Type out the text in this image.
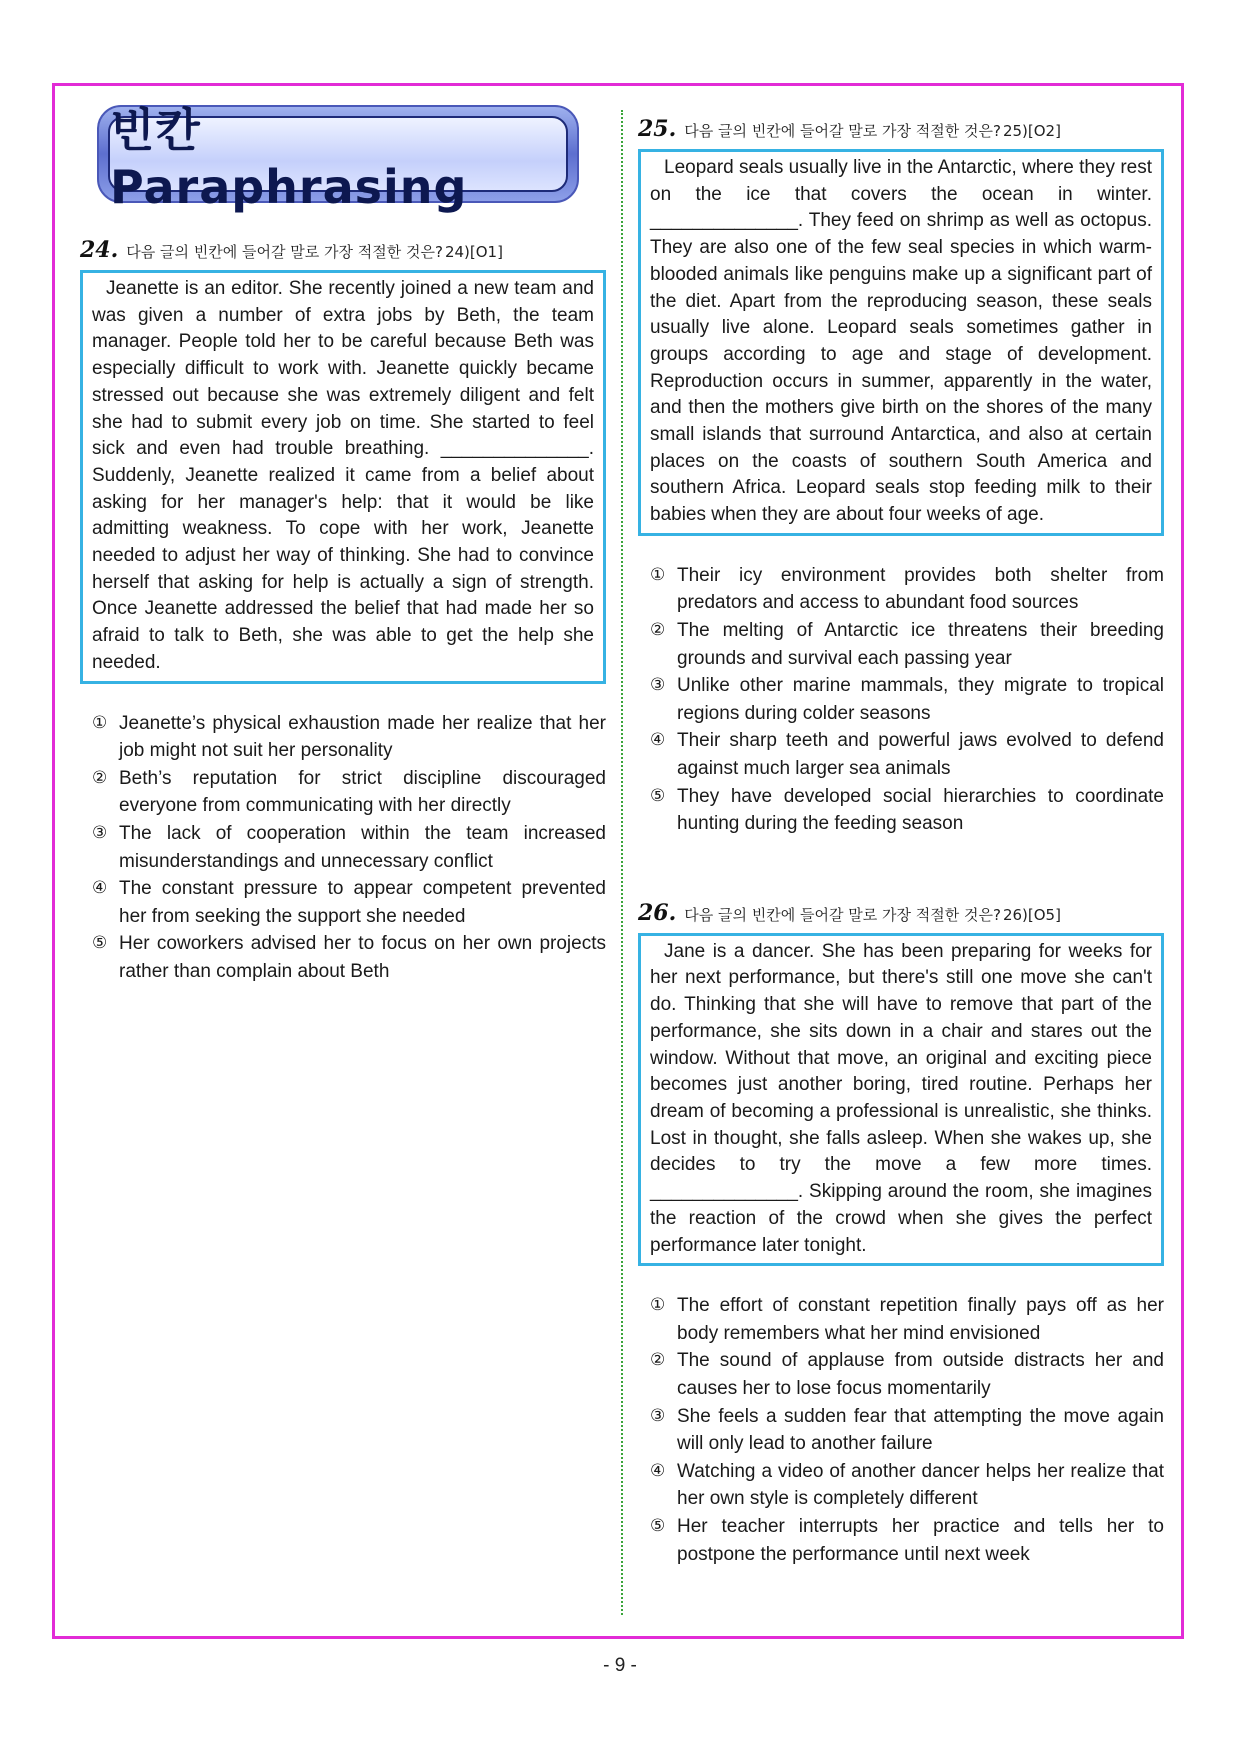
빈칸 Paraphrasing
24. 다음 글의 빈칸에 들어갈 말로 가장 적절한 것은? 24)[O1]
Jeanette is an editor. She recently joined a new team and was given a number of extra jobs by Beth, the team manager. People told her to be careful because Beth was especially difficult to work with. Jeanette quickly became stressed out because she was extremely diligent and felt she had to submit every job on time. She started to feel sick and even had trouble breathing. ______________. Suddenly, Jeanette realized it came from a belief about asking for her manager's help: that it would be like admitting weakness. To cope with her work, Jeanette needed to adjust her way of thinking. She had to convince herself that asking for help is actually a sign of strength. Once Jeanette addressed the belief that had made her so afraid to talk to Beth, she was able to get the help she needed.
① Jeanette’s physical exhaustion made her realize that her job might not suit her personality
② Beth’s reputation for strict discipline discouraged everyone from communicating with her directly
③ The lack of cooperation within the team increased misunderstandings and unnecessary conflict
④ The constant pressure to appear competent prevented her from seeking the support she needed
⑤ Her coworkers advised her to focus on her own projects rather than complain about Beth
25. 다음 글의 빈칸에 들어갈 말로 가장 적절한 것은? 25)[O2]
Leopard seals usually live in the Antarctic, where they rest on the ice that covers the ocean in winter. ______________. They feed on shrimp as well as octopus. They are also one of the few seal species in which warm-blooded animals like penguins make up a significant part of the diet. Apart from the reproducing season, these seals usually live alone. Leopard seals sometimes gather in groups according to age and stage of development. Reproduction occurs in summer, apparently in the water, and then the mothers give birth on the shores of the many small islands that surround Antarctica, and also at certain places on the coasts of southern South America and southern Africa. Leopard seals stop feeding milk to their babies when they are about four weeks of age.
① Their icy environment provides both shelter from predators and access to abundant food sources
② The melting of Antarctic ice threatens their breeding grounds and survival each passing year
③ Unlike other marine mammals, they migrate to tropical regions during colder seasons
④ Their sharp teeth and powerful jaws evolved to defend against much larger sea animals
⑤ They have developed social hierarchies to coordinate hunting during the feeding season
26. 다음 글의 빈칸에 들어갈 말로 가장 적절한 것은? 26)[O5]
Jane is a dancer. She has been preparing for weeks for her next performance, but there's still one move she can't do. Thinking that she will have to remove that part of the performance, she sits down in a chair and stares out the window. Without that move, an original and exciting piece becomes just another boring, tired routine. Perhaps her dream of becoming a professional is unrealistic, she thinks. Lost in thought, she falls asleep. When she wakes up, she decides to try the move a few more times. ______________. Skipping around the room, she imagines the reaction of the crowd when she gives the perfect performance later tonight.
① The effort of constant repetition finally pays off as her body remembers what her mind envisioned
② The sound of applause from outside distracts her and causes her to lose focus momentarily
③ She feels a sudden fear that attempting the move again will only lead to another failure
④ Watching a video of another dancer helps her realize that her own style is completely different
⑤ Her teacher interrupts her practice and tells her to postpone the performance until next week
- 9 -
